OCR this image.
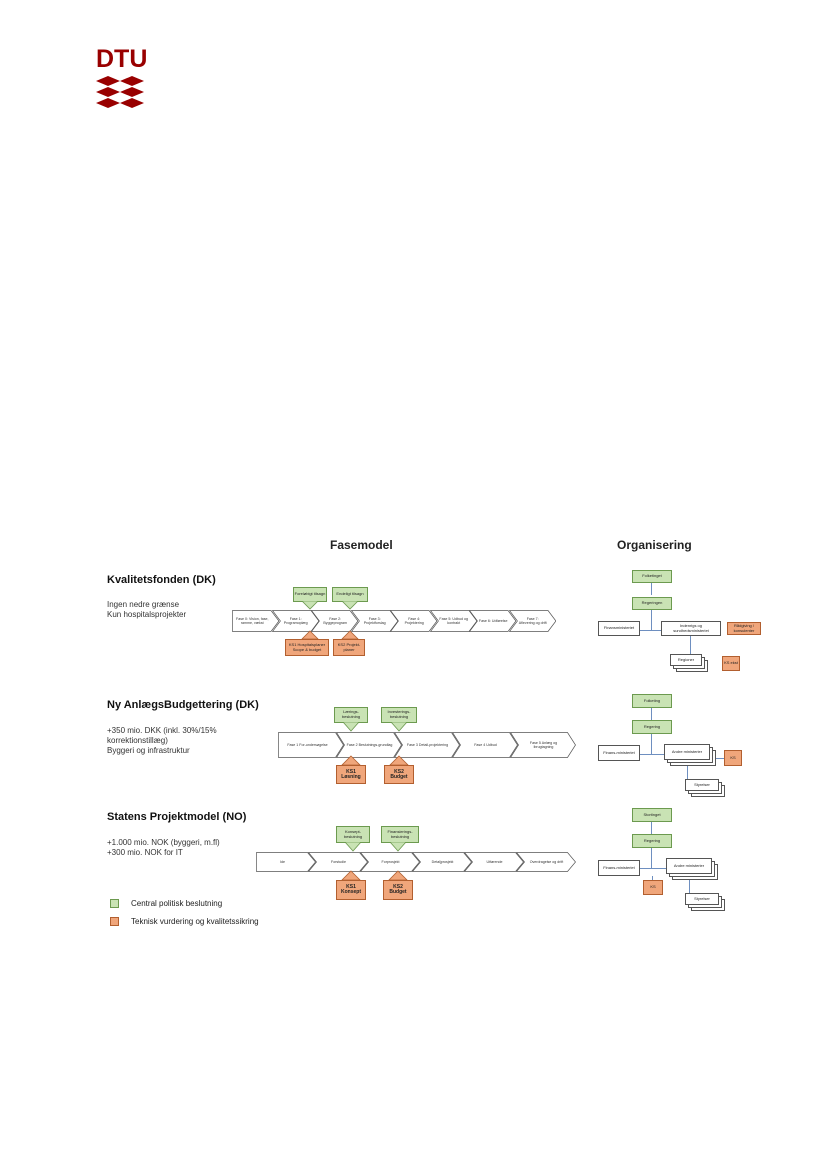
DTU
Fasemodel	Organisering
Kvalitetsfonden (DK)
Ingen nedre grænse
Kun hospitalsprojekter	Fase 0: Vision, fase, ramme, vækst
Fase 1: Programoplæg
Fase 2: Byggeprogram
Fase 3: Projektforslag
Fase 4: Projektering
Fase 5: Udbud og kontrakt
Fase 6: Udførelse
Fase 7: Aflevering og drift
Foreløbigt tilsagn	Endeligt tilsagn
KS1 Hospitalsplaner Scope & budget
KS2 Projekt-planer
Folketinget
Regeringen
Finansministeriet	Indenrigs og sundhedsministeriet
Rådgiving / konsulenter
Regioner
KS ekst
Ny AnlægsBudgettering (DK)
+350 mio. DKK (inkl. 30%/15%
korrektionstillæg)
Byggeri og infrastruktur
Fase 1 For-undersøgelse	Fase 2 Beslutnings-grundlag	Fase 3 Detail-projektering	Fase 4 Udbud
Fase 5 Anlæg og ibrugtagning
Lærings-beslutning
Investerings-beslutning
KS1 Løsning
KS2 Budget
Folketing
Regering
Finans-ministeriet	Andre ministerier
KS
Styrelser
Statens Projektmodel (NO)
+1.000 mio. NOK (byggeri, m.fl)
+300 mio. NOK for IT
Ide	Forstudie	Forprosjekt	Detaljprosjekt	Utførende	Overdragelse og drift
Konsept-beslutning
Finansierings-beslutning
KS1 Konsept
KS2 Budget
Stortinget
Regering
Finans-ministeriet	Andre ministerier
KS
Styrelser
Central politisk beslutning
Teknisk vurdering og kvalitetssikring
